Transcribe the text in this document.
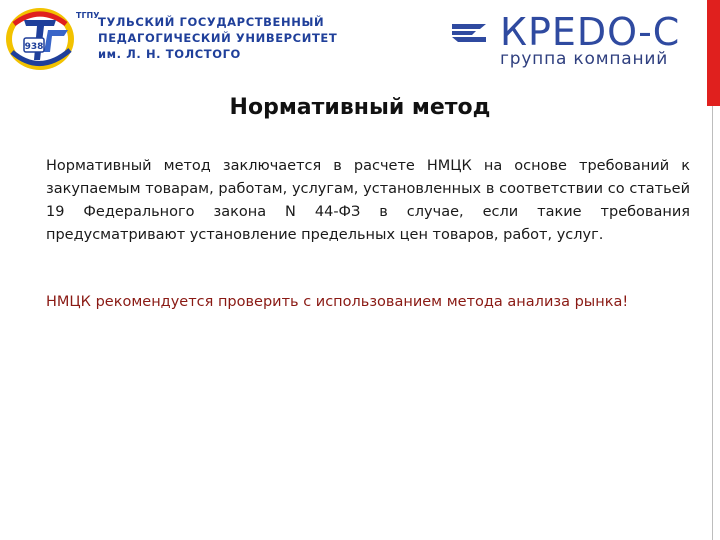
938
ТГПУ
ТУЛЬСКИЙ ГОСУДАРСТВЕННЫЙ
ПЕДАГОГИЧЕСКИЙ УНИВЕРСИТЕТ
им. Л. Н. ТОЛСТОГО	КРЕDО-С
группа компаний
Нормативный метод
Нормативный метод заключается в расчете НМЦК на основе требований к закупаемым товарам, работам, услугам, установленных в соответствии со статьей 19 Федерального закона N 44-ФЗ в случае, если такие требования предусматривают установление предельных цен товаров, работ, услуг.
НМЦК рекомендуется проверить с использованием метода анализа рынка!
